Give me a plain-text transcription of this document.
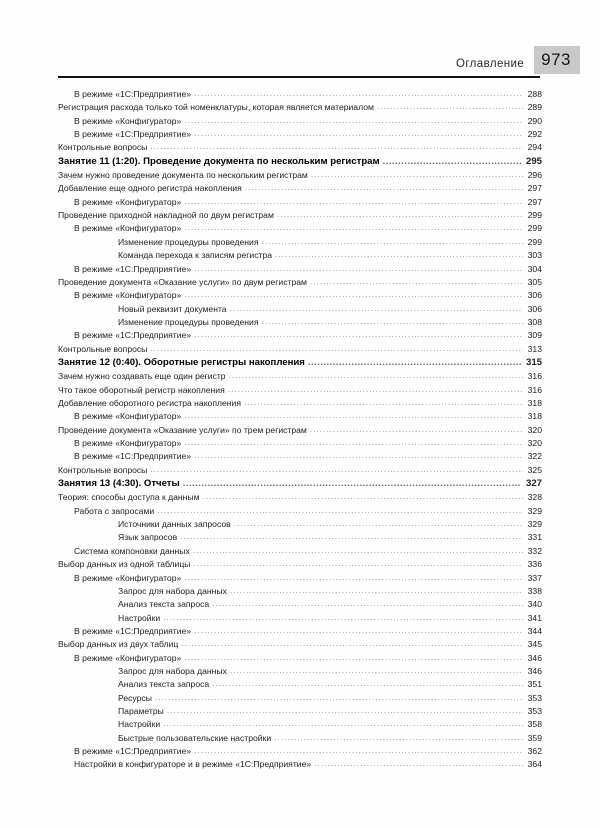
Оглавление	973
В режиме «1С:Предприятие» .....	288
Регистрация расхода только той номенклатуры, которая является материалом .....	289
В режиме «Конфигуратор» .....	290
В режиме «1С:Предприятие» .....	292
Контрольные вопросы .....	294
Занятие 11 (1:20). Проведение документа по нескольким регистрам .....	295
Зачем нужно проведение документа по нескольким регистрам .....	296
Добавление еще одного регистра накопления .....	297
В режиме «Конфигуратор» .....	297
Проведение приходной накладной по двум регистрам .....	299
В режиме «Конфигуратор» .....	299
Изменение процедуры проведения .....	299
Команда перехода к записям регистра .....	303
В режиме «1С:Предприятие» .....	304
Проведение документа «Оказание услуги» по двум регистрам .....	305
В режиме «Конфигуратор» .....	306
Новый реквизит документа .....	306
Изменение процедуры проведения .....	308
В режиме «1С:Предприятие» .....	309
Контрольные вопросы .....	313
Занятие 12 (0:40). Оборотные регистры накопления .....	315
Зачем нужно создавать еще один регистр .....	316
Что такое оборотный регистр накопления .....	316
Добавление оборотного регистра накопления .....	318
В режиме «Конфигуратор» .....	318
Проведение документа «Оказание услуги» по трем регистрам .....	320
В режиме «Конфигуратор» .....	320
В режиме «1С:Предприятие» .....	322
Контрольные вопросы .....	325
Занятия 13 (4:30). Отчеты .....	327
Теория: способы доступа к данным .....	328
Работа с запросами .....	329
Источники данных запросов .....	329
Язык запросов .....	331
Система компоновки данных .....	332
Выбор данных из одной таблицы .....	336
В режиме «Конфигуратор» .....	337
Запрос для набора данных .....	338
Анализ текста запроса .....	340
Настройки .....	341
В режиме «1С:Предприятие» .....	344
Выбор данных из двух таблиц .....	345
В режиме «Конфигуратор» .....	346
Запрос для набора данных .....	346
Анализ текста запроса .....	351
Ресурсы .....	353
Параметры .....	353
Настройки .....	358
Быстрые пользовательские настройки .....	359
В режиме «1С:Предприятие» .....	362
Настройки в конфигураторе и в режиме «1С:Предприятие» .....	364
